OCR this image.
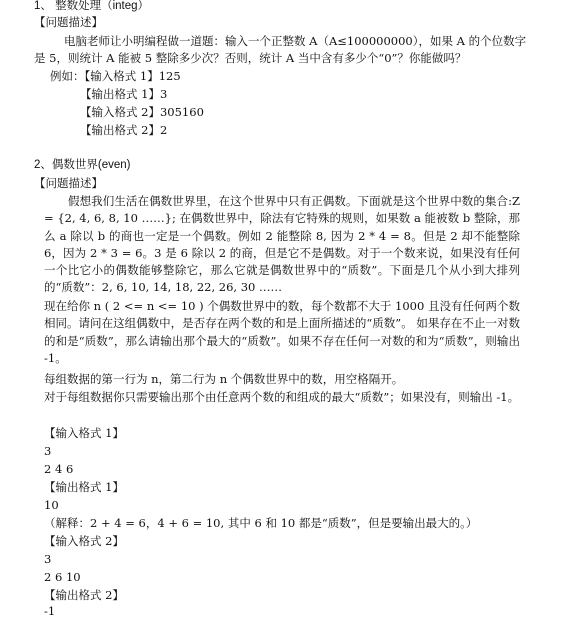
1、 整数处理（integ）
【问题描述】
电脑老师让小明编程做一道题：输入一个正整数 A（A≤100000000），如果 A 的个位数字
是 5，则统计 A 能被 5 整除多少次？否则，统计 A 当中含有多少个“0”？你能做吗？
例如：【输入格式 1】125
【输出格式 1】3
【输入格式 2】305160
【输出格式 2】2
2、偶数世界(even)
【问题描述】
假想我们生活在偶数世界里，在这个世界中只有正偶数。下面就是这个世界中数的集合:Z = {2, 4, 6, 8, 10 ……}; 在偶数世界中，除法有它特殊的规则，如果数 a 能被数 b 整除，那么 a 除以 b 的商也一定是一个偶数。例如 2 能整除 8, 因为 2 * 4 = 8。但是 2 却不能整除 6，因为 2 * 3 = 6。3 是 6 除以 2 的商，但是它不是偶数。对于一个数来说，如果没有任何一个比它小的偶数能够整除它，那么它就是偶数世界中的“质数”。下面是几个从小到大排列的“质数”：2, 6, 10, 14, 18, 22, 26, 30 ……
现在给你 n ( 2 <= n <= 10 ) 个偶数世界中的数，每个数都不大于 1000 且没有任何两个数相同。请问在这组偶数中，是否存在两个数的和是上面所描述的“质数”。 如果存在不止一对数的和是“质数”，那么请输出那个最大的“质数”。如果不存在任何一对数的和为“质数”，则输出 -1。
每组数据的第一行为 n，第二行为 n 个偶数世界中的数，用空格隔开。
对于每组数据你只需要输出那个由任意两个数的和组成的最大“质数”；如果没有，则输出 -1。
【输入格式 1】
3
2 4 6
【输出格式 1】
10
（解释：2 + 4 = 6，4 + 6 = 10, 其中 6 和 10 都是“质数”，但是要输出最大的。）
【输入格式 2】
3
2 6 10
【输出格式 2】
-1
